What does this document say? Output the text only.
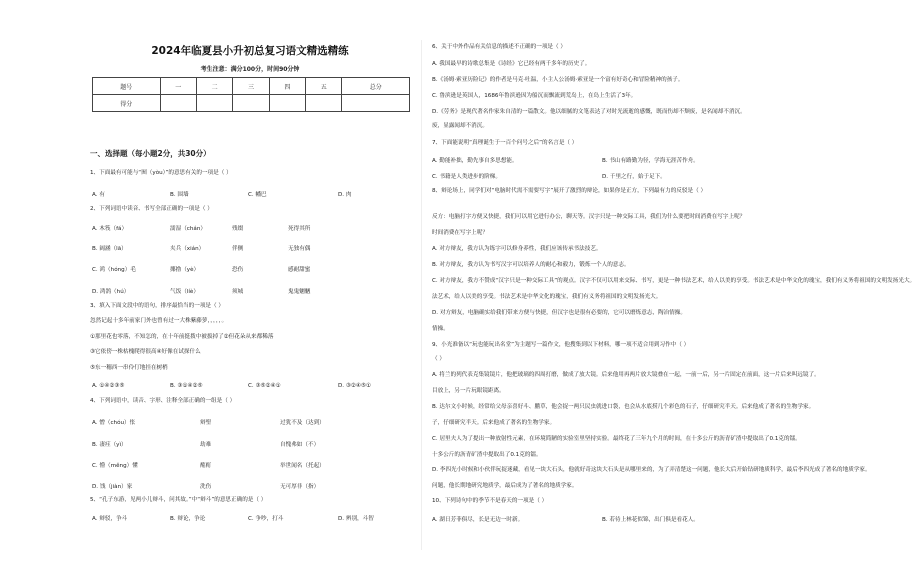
2024年临夏县小升初总复习语文精选精练
考生注意：满分100分，时间90分钟
题号	一	二	三	四	五	总分
得分						
一、选择题（每小题2分，共30分）
1、下面最有可能与“囿（yòu）”的意思有关的一项是（ ）
2、下列词语中读音、书写全部正确的一项是（ ）
3、填入下面文段中的语句，排序最恰当的一项是（ ）
忽然记起十多年前家门外也曾有过一大株紫藤萝，，，，，。
①那里花也零落，不知怎的，在十年前挺拨中被拔掉了②但花朵从来都稀落
③它依傍一株枯槐爬得很高④好像在试探什么
⑤东一穗西一串伶仃地挂在树梢
4、下列词语中，读音、字形、注释全部正确的一组是（ ）
5、“孔子东游，见两小儿辩斗，问其故。”中“辩斗”的意思正确的是（ ）
A. 有	B. 围墙	C. 幡巴	D. 肉
A. 木筏（fá）	濡湿（chán）	残缀	死得其所
B. 阔涵（lā）	夹兵（xián）	伴侧	无独有偶
C. 鸿（hóng）毛	揶撸（yè）	恐伤	感耐甜蜜
D. 鸿鹄（hú）	气饭（líè）	须城	鬼鬼魍魉
A. ①④②③⑤	B. ③①④②⑤	C. ③⑤②④①	D. ③②④⑤①
A. 憎（chóu）怅	辩聖	过犹不及（达到）
B. 凄疰（yì）	劫难	自愧弗如（不）
C. 懵（měng）懂	酩酊	举世闻名（托起）
D. 饯（jiàn）家	洗伤	无可厚非（指）
A. 辩驳，争斗	B. 辩论，争论	C. 争吵，打斗	D. 辨别，斗智
6、关于中外作品有关信息的描述不正确的一项是（ ）
A. 我国最早的诗歌总集是《诗经》它已经有两千多年的历史了。
B.《汤姆·索亚历险记》的作者是马克·吐温，小主人公汤姆·索亚是一个富有好奇心和冒险精神的孩子。
C. 鲁滨逊是英国人，1686年鲁滨逊因为船沉而飘流到荒岛上，在岛上生活了3年。
D.《劳务》是现代著名作家朱自清的一篇散文。他以细腻的文笔表达了对时光流逝的感慨，既而伤却不颓废，是名闻却不消沉。
废，显露闻却不消沉。
7、下面能说明“真理诞生于一百个问号之后”的名言是（ ）
8、辩论场上，同学们对“电脑时代需不需要写字”展开了激烈的辩论，如果你是正方，下列最有力的反驳是（ ）
反方：电脑打字方便又快捷，我们可以用它进行办公，聊天等。汉字只是一种交际工具，我们为什么要把时间消费在写字上呢？
时间消费在写字上呢？
A. 对方辩友，我方认为练字可以修身养性，我们应该传承书法技艺。
B. 对方辩友，我方认为书写汉字可以培养人的耐心和毅力，锻炼一个人的意志。
C. 对方辩友，我方不赞成“汉字只是一种交际工具”的观点。汉字不仅可以用来交际、书写，更是一种书法艺术，给人以美的享受。书法艺术是中华文化的瑰宝，我们有义务将祖国的文明发扬光大。
法艺术，给人以美的享受。书法艺术是中华文化的瑰宝，我们有义务将祖国的文明发扬光大。
D. 对方辩友，电脑确实给我们带来方便与快捷，但汉字也是很有必要的，它可以磨炼意志，陶冶情操。
情操。
9、小光准备以“玩也能玩出名堂”为主题写一篇作文，他搜集到以下材料，哪一项不适合用到习作中（ ）
（ ）
A. 将兰的列代表克集镜镜片，他把玻璃的四周打磨，做成了放大镜。后来他用再两片放大镜叠在一起，一前一后，另一片固定在前面，这一片后来叫远镜了。
目放上，另一片玩眼镜距离。
B. 达尔文小时候，经常给父母亲喜好斗、鹏草，他会捉一两只民虫就进口袋，也会从水底捞几个彩色的石子，仔细研究半天。后来他成了著名的生物学家。
子，仔细研究半天。后来他成了著名的生物学家。
C. 居里夫人为了提出一种放射性元素，在环境简陋的实验室里坚持实验。最终花了三年九个月的时间，在十多公斤的沥青矿渣中提取出了0.1克的镭。
十多公斤的沥青矿渣中提取出了0.1克的镭。
D. 李四光小时候和小伙伴玩捉迷藏，看见一块大石头，他就好奇这块大石头是从哪里来的，为了弄清楚这一问题，他长大后开始钻研地质科学，最后李四光成了著名的地质学家。
问题，他长期地研究地质学，最后成为了著名的地质学家。
10、下列诗句中的季节不是春天的一项是（ ）
A. 勤能补拙，勤先事自多思想能。	B. 书山有路勤为径，学海无涯苦作舟。
C. 书籍是人类进步的阶梯。	D. 千里之行，始于足下。
A. 湖日芳菲俱尽，长是无边一时新。	B. 若待上林花似锦，出门俱是看花人。
